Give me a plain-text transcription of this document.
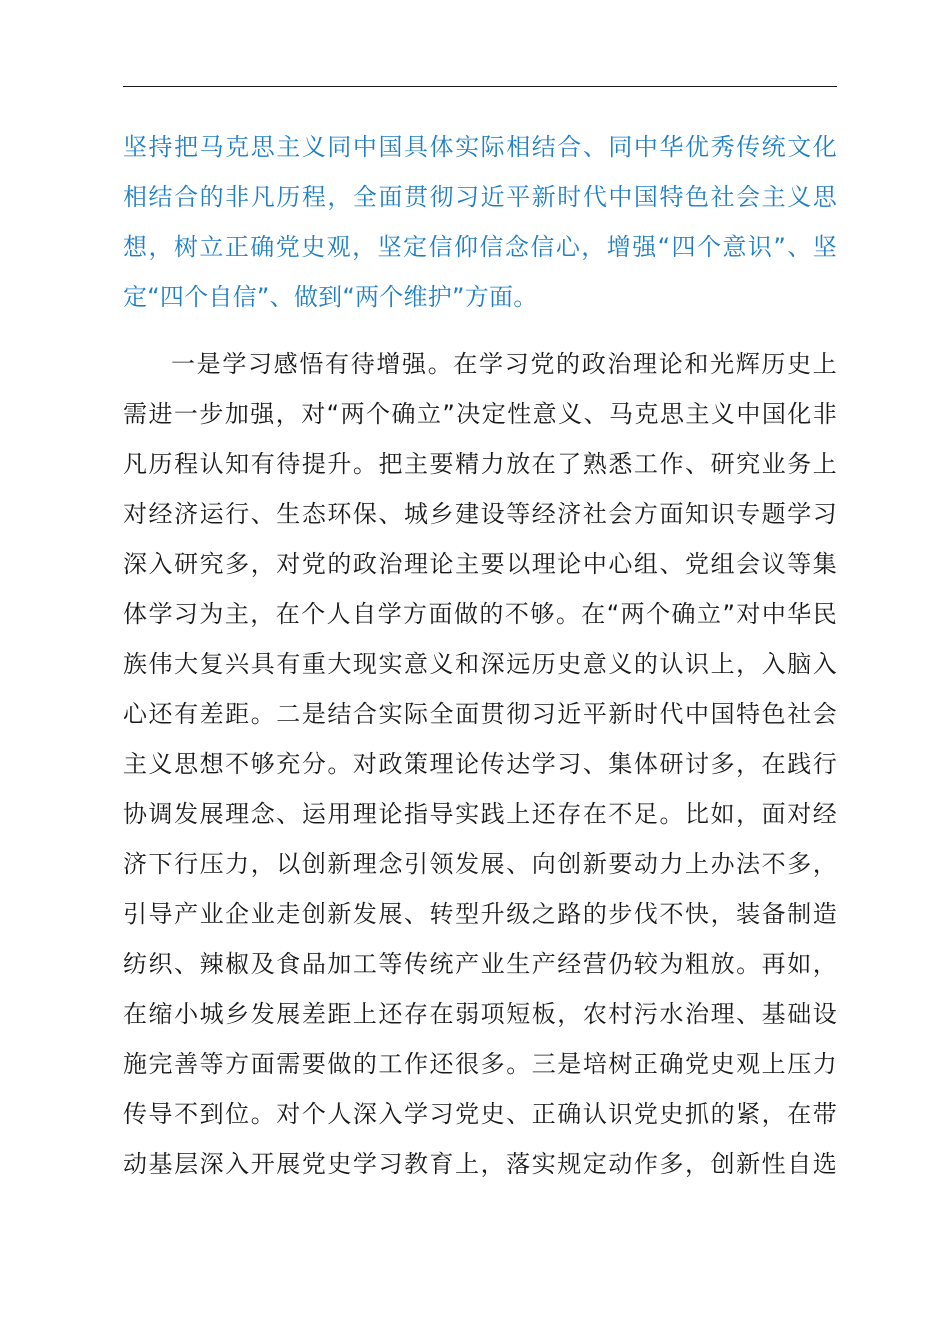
坚持把马克思主义同中国具体实际相结合、同中华优秀传统文化
相结合的非凡历程，全面贯彻习近平新时代中国特色社会主义思
想，树立正确党史观，坚定信仰信念信心，增强“四个意识”、坚
定“四个自信”、做到“两个维护”方面。
一是学习感悟有待增强。在学习党的政治理论和光辉历史上
需进一步加强，对“两个确立”决定性意义、马克思主义中国化非
凡历程认知有待提升。把主要精力放在了熟悉工作、研究业务上
对经济运行、生态环保、城乡建设等经济社会方面知识专题学习
深入研究多，对党的政治理论主要以理论中心组、党组会议等集
体学习为主，在个人自学方面做的不够。在“两个确立”对中华民
族伟大复兴具有重大现实意义和深远历史意义的认识上，入脑入
心还有差距。二是结合实际全面贯彻习近平新时代中国特色社会
主义思想不够充分。对政策理论传达学习、集体研讨多，在践行
协调发展理念、运用理论指导实践上还存在不足。比如，面对经
济下行压力，以创新理念引领发展、向创新要动力上办法不多，
引导产业企业走创新发展、转型升级之路的步伐不快，装备制造
纺织、辣椒及食品加工等传统产业生产经营仍较为粗放。再如，
在缩小城乡发展差距上还存在弱项短板，农村污水治理、基础设
施完善等方面需要做的工作还很多。三是培树正确党史观上压力
传导不到位。对个人深入学习党史、正确认识党史抓的紧，在带
动基层深入开展党史学习教育上，落实规定动作多，创新性自选
